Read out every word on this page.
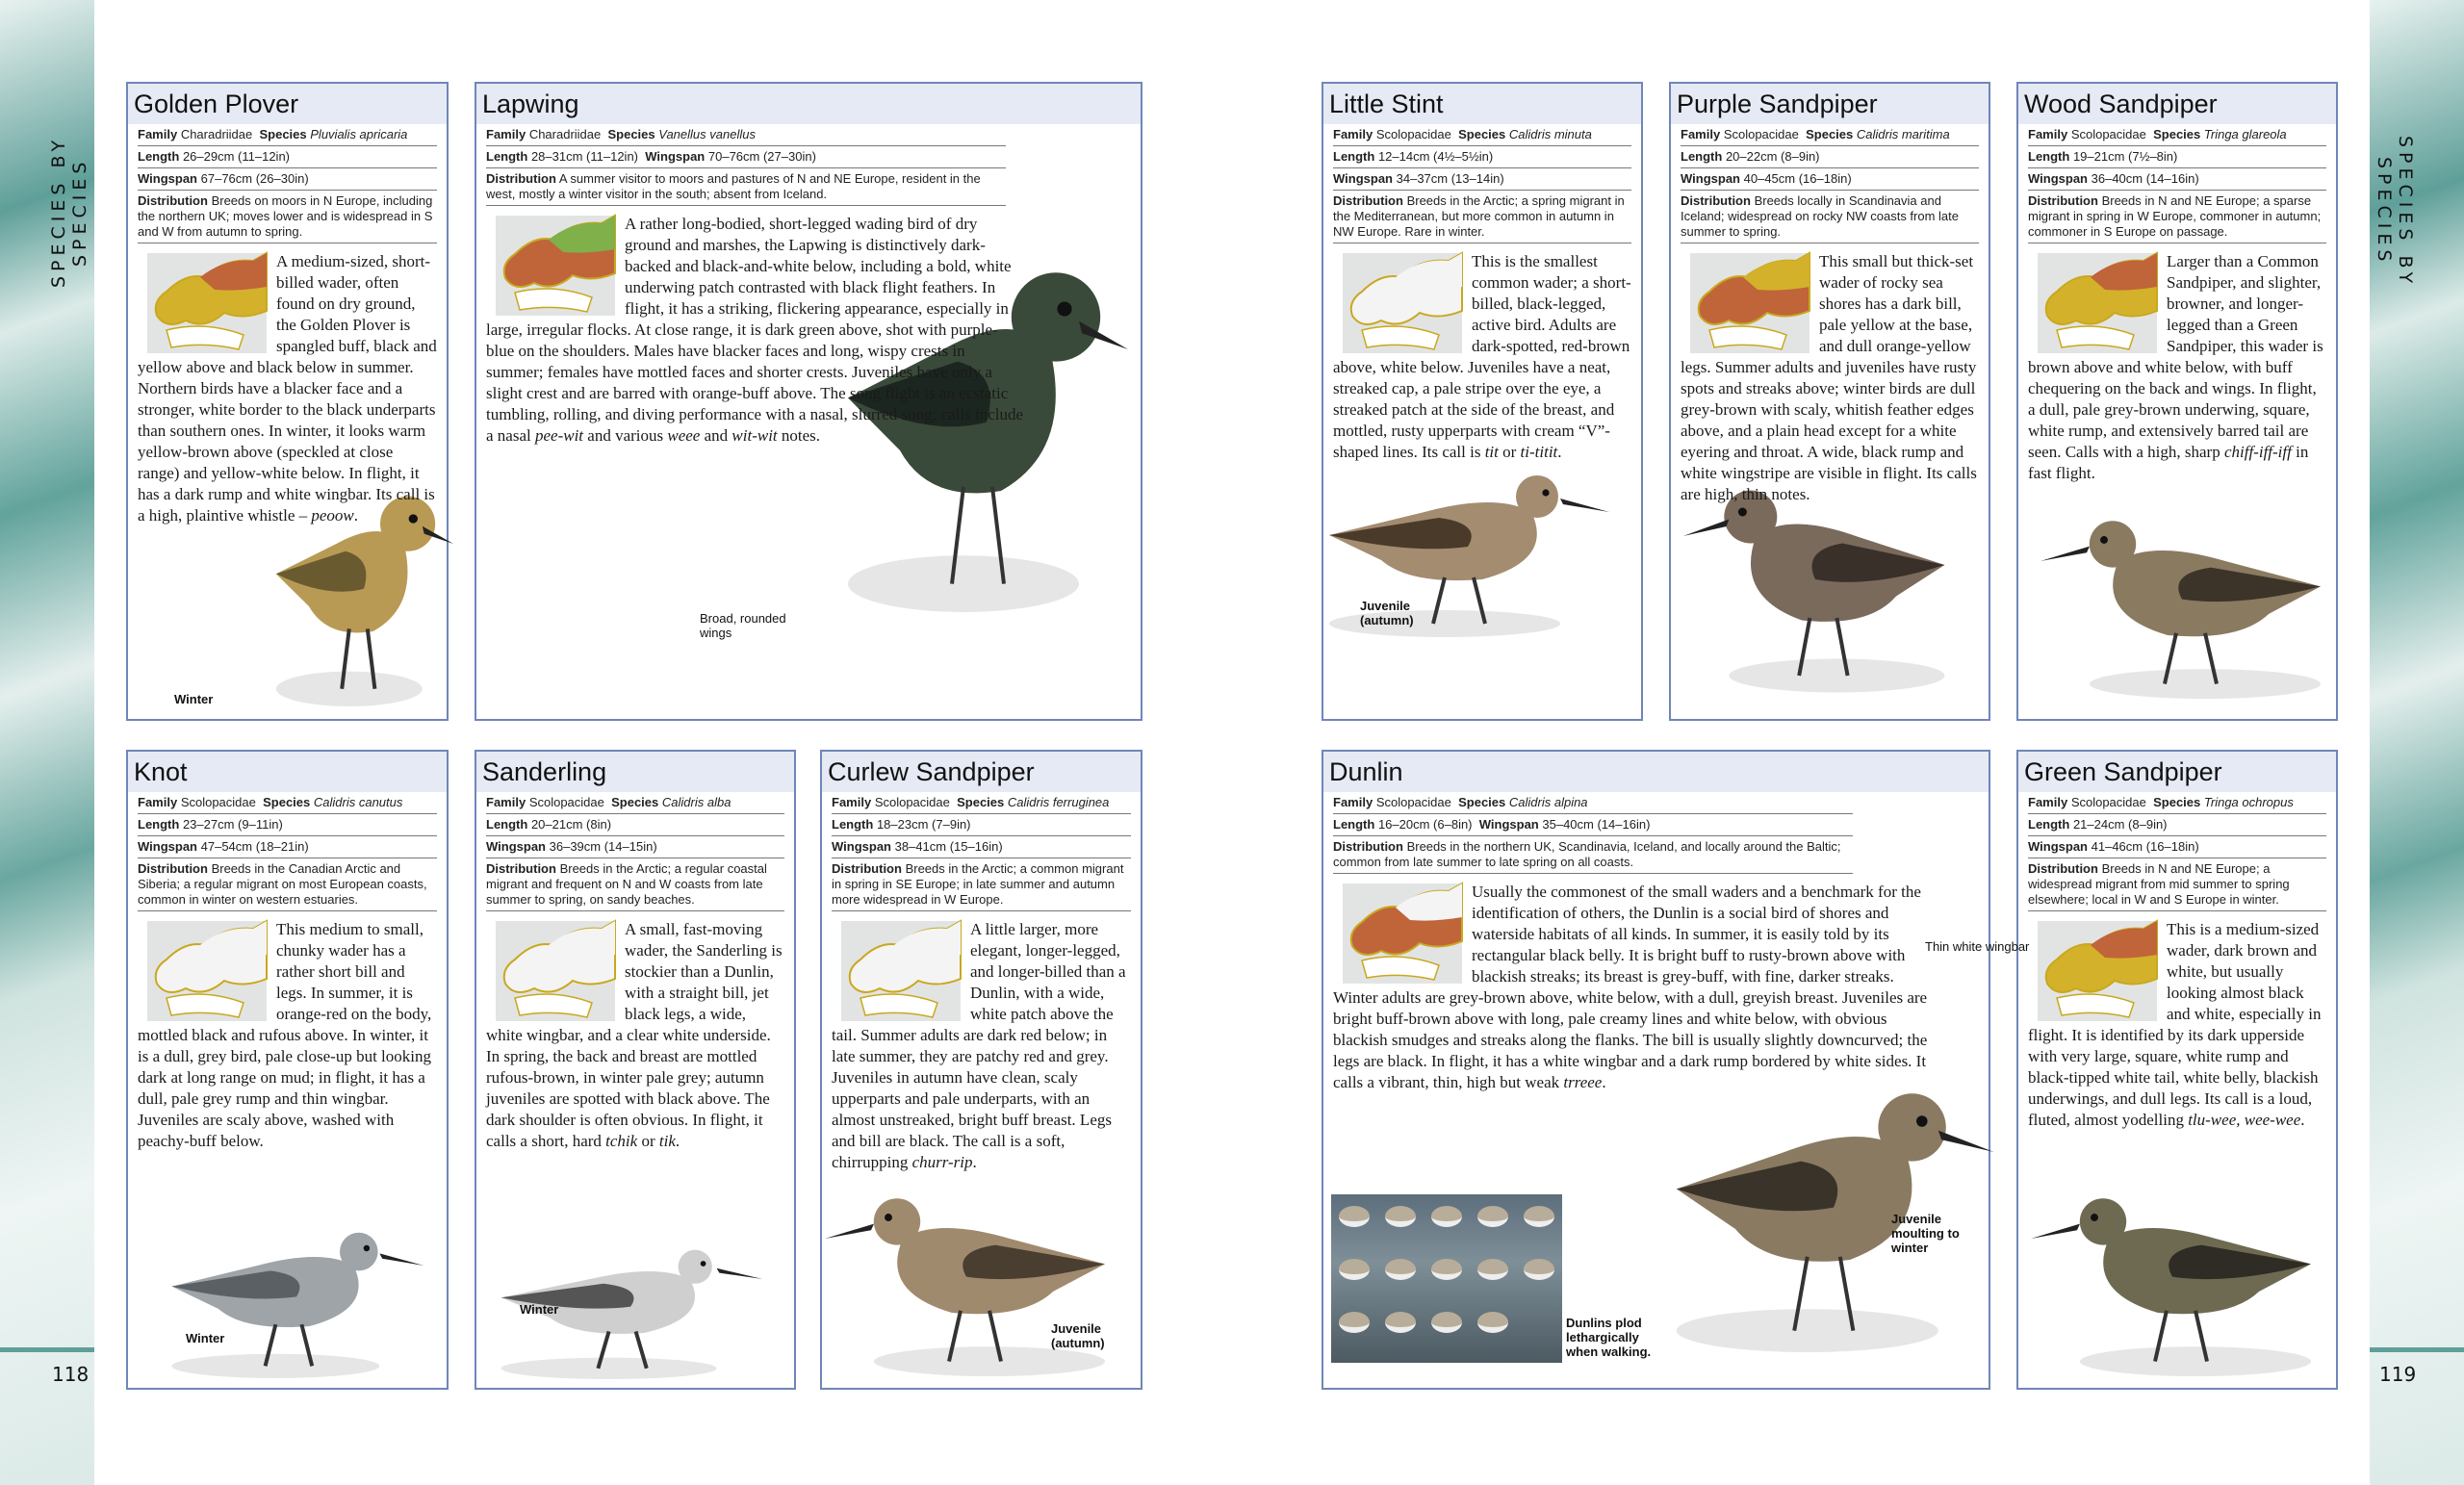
SPECIES BY SPECIES
118
SPECIES BY SPECIES
119
Golden Plover
Family Charadriidae Species Pluvialis apricaria
Length 26–29cm (11–12in)
Wingspan 67–76cm (26–30in)
Distribution Breeds on moors in N Europe, including the northern UK; moves lower and is widespread in S and W from autumn to spring.
A medium-sized, short-billed wader, often found on dry ground, the Golden Plover is spangled buff, black and yellow above and black below in summer. Northern birds have a blacker face and a stronger, white border to the black underparts than southern ones. In winter, it looks warm yellow-brown above (speckled at close range) and yellow-white below. In flight, it has a dark rump and white wingbar. Its call is a high, plaintive whistle – peoow.
Winter
Lapwing
Family Charadriidae Species Vanellus vanellus
Length 28–31cm (11–12in) Wingspan 70–76cm (27–30in)
Distribution A summer visitor to moors and pastures of N and NE Europe, resident in the west, mostly a winter visitor in the south; absent from Iceland.
A rather long-bodied, short-legged wading bird of dry ground and marshes, the Lapwing is distinctively dark-backed and black-and-white below, including a bold, white underwing patch contrasted with black flight feathers. In flight, it has a striking, flickering appearance, especially in large, irregular flocks. At close range, it is dark green above, shot with purple-blue on the shoulders. Males have blacker faces and long, wispy crests in summer; females have mottled faces and shorter crests. Juveniles have only a slight crest and are barred with orange-buff above. The song flight is an ecstatic tumbling, rolling, and diving performance with a nasal, slurred song; calls include a nasal pee-wit and various weee and wit-wit notes.
Broad, rounded wings
Little Stint
Family Scolopacidae Species Calidris minuta
Length 12–14cm (4½–5½in)
Wingspan 34–37cm (13–14in)
Distribution Breeds in the Arctic; a spring migrant in the Mediterranean, but more common in autumn in NW Europe. Rare in winter.
This is the smallest common wader; a short-billed, black-legged, active bird. Adults are dark-spotted, red-brown above, white below. Juveniles have a neat, streaked cap, a pale stripe over the eye, a streaked patch at the side of the breast, and mottled, rusty upperparts with cream “V”-shaped lines. Its call is tit or ti-titit.
Juvenile (autumn)
Purple Sandpiper
Family Scolopacidae Species Calidris maritima
Length 20–22cm (8–9in)
Wingspan 40–45cm (16–18in)
Distribution Breeds locally in Scandinavia and Iceland; widespread on rocky NW coasts from late summer to spring.
This small but thick-set wader of rocky sea shores has a dark bill, pale yellow at the base, and dull orange-yellow legs. Summer adults and juveniles have rusty spots and streaks above; winter birds are dull grey-brown with scaly, whitish feather edges above, and a plain head except for a white eyering and throat. A wide, black rump and white wingstripe are visible in flight. Its calls are high, thin notes.
Wood Sandpiper
Family Scolopacidae Species Tringa glareola
Length 19–21cm (7½–8in)
Wingspan 36–40cm (14–16in)
Distribution Breeds in N and NE Europe; a sparse migrant in spring in W Europe, commoner in autumn; commoner in S Europe on passage.
Larger than a Common Sandpiper, and slighter, browner, and longer-legged than a Green Sandpiper, this wader is brown above and white below, with buff chequering on the back and wings. In flight, a dull, pale grey-brown underwing, square, white rump, and extensively barred tail are seen. Calls with a high, sharp chiff-iff-iff in fast flight.
Knot
Family Scolopacidae Species Calidris canutus
Length 23–27cm (9–11in)
Wingspan 47–54cm (18–21in)
Distribution Breeds in the Canadian Arctic and Siberia; a regular migrant on most European coasts, common in winter on western estuaries.
This medium to small, chunky wader has a rather short bill and legs. In summer, it is orange-red on the body, mottled black and rufous above. In winter, it is a dull, grey bird, pale close-up but looking dark at long range on mud; in flight, it has a dull, pale grey rump and thin wingbar. Juveniles are scaly above, washed with peachy-buff below.
Winter
Sanderling
Family Scolopacidae Species Calidris alba
Length 20–21cm (8in)
Wingspan 36–39cm (14–15in)
Distribution Breeds in the Arctic; a regular coastal migrant and frequent on N and W coasts from late summer to spring, on sandy beaches.
A small, fast-moving wader, the Sanderling is stockier than a Dunlin, with a straight bill, jet black legs, a wide, white wingbar, and a clear white underside. In spring, the back and breast are mottled rufous-brown, in winter pale grey; autumn juveniles are spotted with black above. The dark shoulder is often obvious. In flight, it calls a short, hard tchik or tik.
Winter
Curlew Sandpiper
Family Scolopacidae Species Calidris ferruginea
Length 18–23cm (7–9in)
Wingspan 38–41cm (15–16in)
Distribution Breeds in the Arctic; a common migrant in spring in SE Europe; in late summer and autumn more widespread in W Europe.
A little larger, more elegant, longer-legged, and longer-billed than a Dunlin, with a wide, white patch above the tail. Summer adults are dark red below; in late summer, they are patchy red and grey. Juveniles in autumn have clean, scaly upperparts and pale underparts, with an almost unstreaked, bright buff breast. Legs and bill are black. The call is a soft, chirrupping churr-rip.
Juvenile (autumn)
Dunlin
Family Scolopacidae Species Calidris alpina
Length 16–20cm (6–8in) Wingspan 35–40cm (14–16in)
Distribution Breeds in the northern UK, Scandinavia, Iceland, and locally around the Baltic; common from late summer to late spring on all coasts.
Usually the commonest of the small waders and a benchmark for the identification of others, the Dunlin is a social bird of shores and waterside habitats of all kinds. In summer, it is easily told by its rectangular black belly. It is bright buff to rusty-brown above with blackish streaks; its breast is grey-buff, with fine, darker streaks. Winter adults are grey-brown above, white below, with a dull, greyish breast. Juveniles are bright buff-brown above with long, pale creamy lines and white below, with obvious blackish smudges and streaks along the flanks. The bill is usually slightly downcurved; the legs are black. In flight, it has a white wingbar and a dark rump bordered by white sides. It calls a vibrant, thin, high but weak trreee.
Thin white wingbar
Juvenile moulting to winter
Dunlins plod lethargically when walking.
Green Sandpiper
Family Scolopacidae Species Tringa ochropus
Length 21–24cm (8–9in)
Wingspan 41–46cm (16–18in)
Distribution Breeds in N and NE Europe; a widespread migrant from mid summer to spring elsewhere; local in W and S Europe in winter.
This is a medium-sized wader, dark brown and white, but usually looking almost black and white, especially in flight. It is identified by its dark upperside with very large, square, white rump and black-tipped white tail, white belly, blackish underwings, and dull legs. Its call is a loud, fluted, almost yodelling tlu-wee, wee-wee.
